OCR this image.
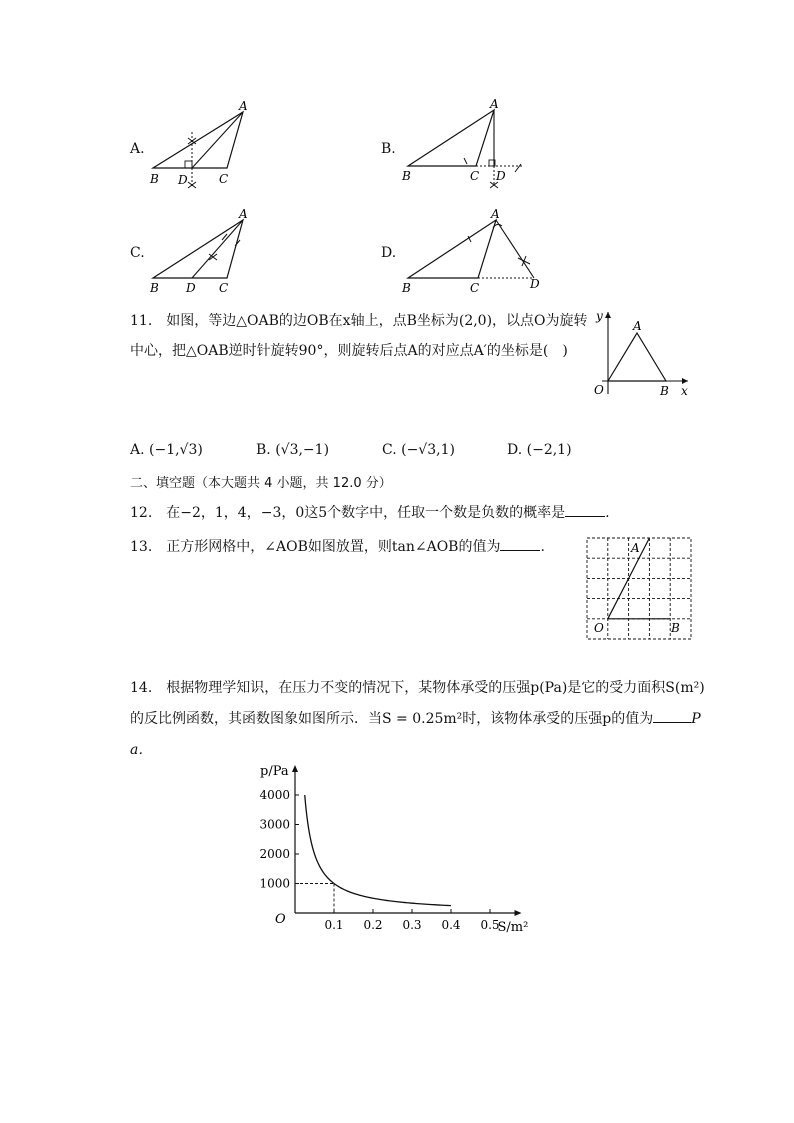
A.
A
B D	C
B.
A
B	C D
C.
A
B D C
D.
A
B	C	D
11.　如图，等边△OAB的边OB在x轴上，点B坐标为(2,0)，以点O为旋转
中心，把△OAB逆时针旋转90°，则旋转后点A的对应点A′的坐标是(　)
O	B
A
x
y
A. (−1,√3)	B. (√3,−1)	C. (−√3,1)	D. (−2,1)
二、填空题（本大题共 4 小题，共 12.0 分）
12.　在−2，1，4，−3，0这5个数字中，任取一个数是负数的概率是	.
13.　正方形网格中，∠AOB如图放置，则tan∠AOB的值为	.
O	B
A
14.　根据物理学知识，在压力不变的情况下，某物体承受的压强p(Pa)是它的受力面积S(m²)
的反比例函数，其函数图象如图所示．当S = 0.25m²时，该物体承受的压强p的值为	P
a．
0.1 0.2 0.3 0.4 0.5
1000
2000
3000
4000
p/Pa
S/m²
O
